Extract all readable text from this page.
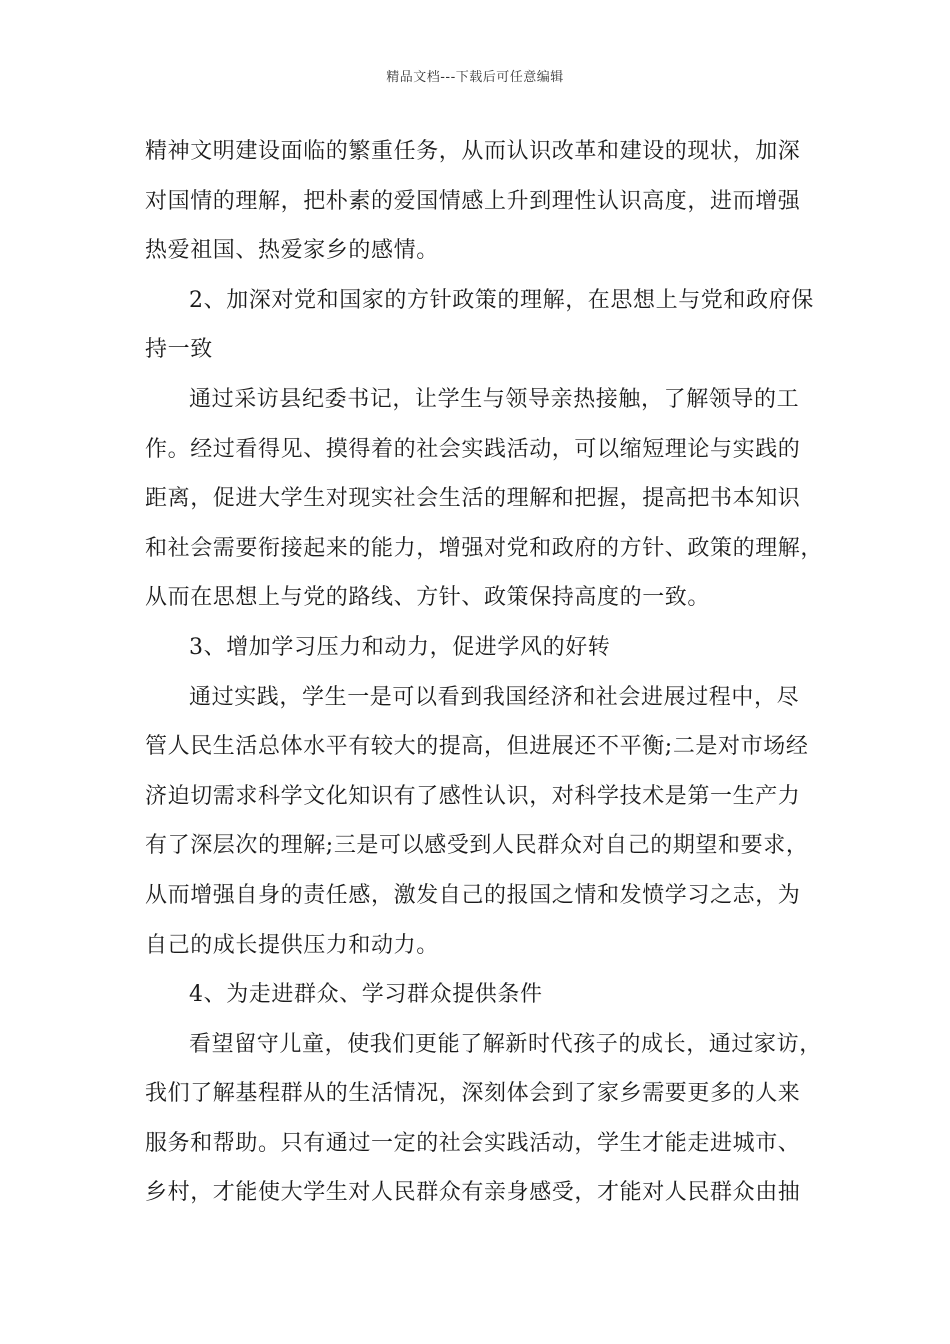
精品文档---下载后可任意编辑
精神文明建设面临的繁重任务，从而认识改革和建设的现状，加深
对国情的理解，把朴素的爱国情感上升到理性认识高度，进而增强
热爱祖国、热爱家乡的感情。
2、加深对党和国家的方针政策的理解，在思想上与党和政府保
持一致
通过采访县纪委书记，让学生与领导亲热接触，了解领导的工
作。经过看得见、摸得着的社会实践活动，可以缩短理论与实践的
距离，促进大学生对现实社会生活的理解和把握，提高把书本知识
和社会需要衔接起来的能力，增强对党和政府的方针、政策的理解，
从而在思想上与党的路线、方针、政策保持高度的一致。
3、增加学习压力和动力，促进学风的好转
通过实践，学生一是可以看到我国经济和社会进展过程中，尽
管人民生活总体水平有较大的提高，但进展还不平衡;二是对市场经
济迫切需求科学文化知识有了感性认识，对科学技术是第一生产力
有了深层次的理解;三是可以感受到人民群众对自己的期望和要求，
从而增强自身的责任感，激发自己的报国之情和发愤学习之志，为
自己的成长提供压力和动力。
4、为走进群众、学习群众提供条件
看望留守儿童，使我们更能了解新时代孩子的成长，通过家访，
我们了解基程群从的生活情况，深刻体会到了家乡需要更多的人来
服务和帮助。只有通过一定的社会实践活动，学生才能走进城市、
乡村，才能使大学生对人民群众有亲身感受，才能对人民群众由抽
